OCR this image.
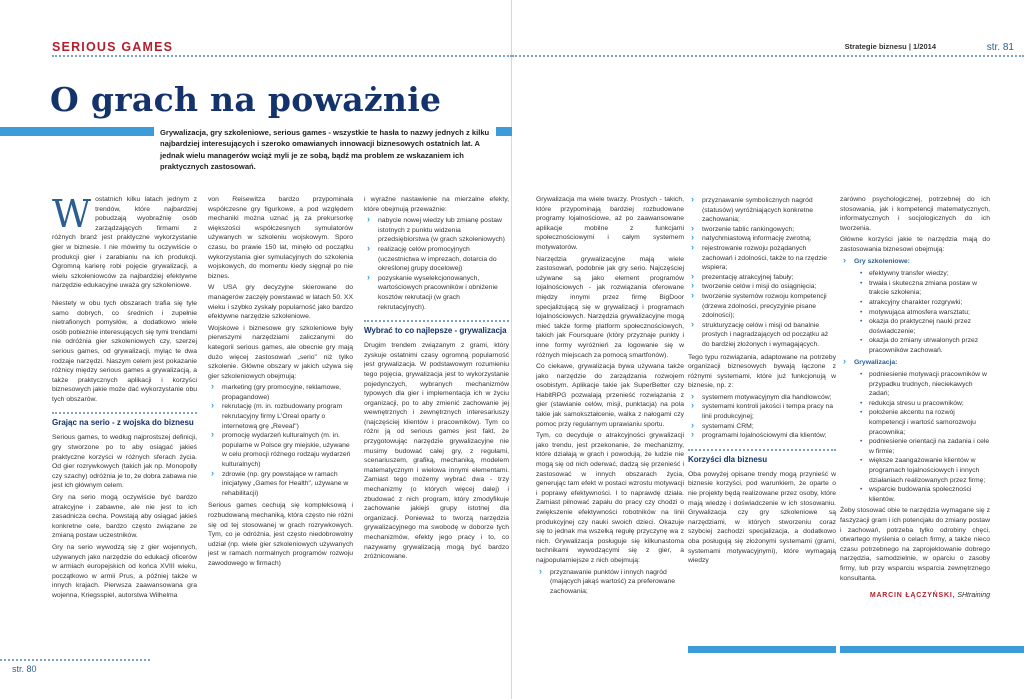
SERIOUS GAMES
O grach na poważnie
Grywalizacja, gry szkoleniowe, serious games - wszystkie te hasła to nazwy jednych z kilku najbardziej interesujących i szeroko omawianych innowacji biznesowych ostatnich lat. A jednak wielu managerów wciąż myli je ze sobą, bądź ma problem ze wskazaniem ich praktycznych zastosowań.
W ostatnich kilku latach jednym z trendów, które najbardziej pobudzają wyobraźnię osób zarządzających firmami z różnych branż jest praktyczne wykorzystanie gier w biznesie. I nie mówimy tu oczywiście o produkcji gier i zarabianiu na ich produkcji. Ogromną karierę robi pojęcie grywalizacji, a wielu szkoleniowców za najbardziej efektywne narzędzie edukacyjne uważa gry szkoleniowe.

Niestety w obu tych obszarach trafia się tyle samo dobrych, co średnich i zupełnie nietrafionych pomysłów, a dodatkowo wiele osób pobieżnie interesujących się tymi trendami nie odróżnia gier szkoleniowych czy, szerzej serious games, od grywalizacji, myląc te dwa rodzaje narzędzi. Naszym celem jest pokazanie różnicy między serious games a grywalizacją, a także praktycznych aplikacji i korzyści biznesowych jakie może dać wykorzystanie obu tych obszarów.

Grając na serio - z wojska do biznesu

Serious games, to według najprostszej definicji, gry stworzone po to aby osiągać jakieś praktyczne korzyści w różnych sferach życia. Od gier rozrywkowych (takich jak np. Monopolly czy szachy) odróżnia je to, że dobra zabawa nie jest ich głównym celem.

Gry na serio mogą oczywiście być bardzo atrakcyjne i zabawne, ale nie jest to ich zasadnicza cecha. Powstają aby osiągać jakieś konkretne cele, bardzo często związane ze zmianą postaw uczestników.

Gry na serio wywodzą się z gier wojennych, używanych jako narzędzie do edukacji oficerów w armiach europejskich od końca XVIII wieku, początkowo w armii Prus, a później także w innych krajach. Pierwsza zaawansowana gra wojenna, Kriegsspiel, autorstwa Wilhelma

von Reisewitza bardzo przypominała współczesne gry figurkowe, a pod względem mechaniki można uznać ją za prekursorkę większości współczesnych symulatorów używanych w szkoleniu wojskowym. Sporo czasu, bo prawie 150 lat, minęło od początku wykorzystania gier symulacyjnych do szkolenia wojskowych, do momentu kiedy sięgnął po nie biznes.

W USA gry decyzyjne skierowane do managerów zaczęły powstawać w latach 50. XX wieku i szybko zyskały popularność jako bardzo efektywne narzędzie szkoleniowe.

Wojskowe i biznesowe gry szkoleniowe były pierwszymi narzędziami zaliczanymi do kategorii serious games, ale obecnie gry mają dużo więcej zastosowań „serio" niż tylko szkolenie. Główne obszary w jakich używa się gier szkoleniowych obejmują:

› marketing (gry promocyjne, reklamowe, propagandowe)
› rekrutację (m. in. rozbudowany program rekrutacyjny firmy L'Oreal oparty o internetową grę „Reveal")
› promocję wydarzeń kulturalnych (m. in. popularne w Polsce gry miejskie, używane w celu promocji różnego rodzaju wydarzeń kulturalnych)
› zdrowie (np. gry powstające w ramach inicjatywy „Games for Health", używane w rehabilitacji)

Serious games cechują się kompleksową i rozbudowaną mechaniką, która często nie różni się od tej stosowanej w grach rozrywkowych. Tym, co je odróżnia, jest często niedobrowolny udział (np. wiele gier szkoleniowych używanych jest w ramach normalnych programów rozwoju zawodowego w firmach)

i wyraźne nastawienie na mierzalne efekty, które obejmują przeważnie:

› nabycie nowej wiedzy lub zmianę postaw istotnych z punktu widzenia przedsiębiorstwa (w grach szkoleniowych)
› realizację celów promocyjnych (uczestnictwa w imprezach, dotarcia do określonej grupy docelowej)
› pozyskanie wyselekcjonowanych, wartościowych pracowników i obniżenie kosztów rekrutacji (w grach rekrutacyjnych).
Wybrać to co najlepsze - grywalizacja

Drugim trendem związanym z grami, który zyskuje ostatnimi czasy ogromną popularność jest grywalizacja. W podstawowym rozumieniu tego pojęcia, grywalizacja jest to wykorzystanie pojedynczych, wybranych mechanizmów typowych dla gier i implementacja ich w życiu organizacji, po to aby zmienić zachowanie jej wewnętrznych i zewnętrznych interesariuszy (najczęściej klientów i pracowników). Tym co różni ją od serious games jest fakt, że przygotowując narzędzie grywalizacyjne nie musimy budować całej gry, z regułami, scenariuszem, grafiką, mechaniką, modelem matematycznym i wielowa innymi elementami. Zamiast tego możemy wybrać dwa - trzy mechanizmy (o których więcej dalej) i zbudować z nich program, który zmodyfikuje zachowanie jakiejś grupy istotnej dla organizacji. Ponieważ to tworzą narzędzia grywalizacyjnego ma swobodę w doborze tych mechanizmów, efekty jego pracy i to, co nazywamy grywalizacją mogą być bardzo zróżnicowane.

str. 80
Strategie biznesu | 1/2014	str. 81

Grywalizacja ma wiele twarzy. Prostych - takich, które przypominają bardziej rozbudowane programy lojalnościowe, aż po zaawansowane aplikacje mobilne z funkcjami społecznościowymi i całym systemem motywatorów.

Narzędzia grywalizacyjne mają wiele zastosowań, podobnie jak gry serio. Najczęściej używane są jako element programów lojalnościowych - jak rozwiązania oferowane między innymi przez firmę BigDoor specjalizującą się w grywalizacji i programach lojalnościowych. Narzędzia grywalizacyjne mogą mieć także formę platform społecznościowych, takich jak Foursquare (który przyznaje punkty i inne formy wyróżnień za logowanie się w różnych miejscach za pomocą smartfonów).

Co ciekawe, grywalizacja bywa używana także jako narzędzie do zarządzania rozwojem osobistym. Aplikacje takie jak SuperBetter czy HabitRPG pozwalają przenieść rozwiązania z gier (stawianie celów, misji, punktacja) na pola takie jak samokształcenie, walka z nałogami czy pomoc przy regularnym uprawianiu sportu.

Tym, co decyduje o atrakcyjności grywalizacji jako trendu, jest przekonanie, że mechanizmy, które działają w grach i powodują, że ludzie nie mogą się od nich oderwać, dadzą się przenieść i zastosować w innych obszarach życia, generując tam efekt w postaci wzrostu motywacji i poprawy efektywności. I to naprawdę działa. Zamiast pilnować zapału do pracy czy chodzi o zwiększenie efektywności robotników na linii produkcyjnej czy nauki swoich dzieci. Okazuje się to jednak ma wszelką regułę przyczynę wa z nich. Grywalizacja posługuje się kilkunastoma technikami wywodzącymi się z gier, a najpopularniejsze z nich obejmują:

› przyznawanie punktów i innych nagród (mających jakąś wartość) za preferowane zachowania;
› przyznawanie symbolicznych nagród (statusów) wyróżniających konkretne zachowania;
› tworzenie tablic rankingowych;
› natychmiastową informację zwrotną;
› rejestrowanie rozwoju pożądanych zachowań i zdolności, także to na rzędzie wspiera;
› prezentację atrakcyjnej fabuły;
› tworzenie celów i misji do osiągnięcia;
› tworzenie systemów rozwoju kompetencji (drzewa zdolności, precyzyjnie pisane zdolności);
› strukturyzację celów i misji od banalnie prostych i nagradzających od początku aż do bardziej złożonych i wymagających.

Tego typu rozwiązania, adaptowane na potrzeby organizacji biznesowych bywają łączone z różnymi systemami, które już funkcjonują w biznesie, np. z:

› systemem motywacyjnym dla handlowców;
› systemami kontroli jakości i tempa pracy na linii produkcyjnej;
› systemami CRM;
› programami lojalnościowymi dla klientów;
Korzyści dla biznesu

Oba powyżej opisane trendy mogą przynieść w biznesie korzyści, pod warunkiem, że oparte o nie projekty będą realizowane przez osoby, które mają wiedzę i doświadczenie w ich stosowaniu. Grywalizacja czy gry szkoleniowe są narzędziami, w których stworzeniu coraz szybciej zachodzi specjalizacja, a dodatkowo oba posługują się złożonymi systemami (grami, systemami motywacyjnymi), które wymagają wiedzy

zarówno psychologicznej, potrzebnej do ich stosowania, jak i kompetencji matematycznych, informatycznych i socjologicznych do ich tworzenia.

Główne korzyści jakie te narzędzia mają do zastosowania biznesowi obejmują:

› Gry szkoleniowe:
• efektywny transfer wiedzy;
• trwała i skuteczna zmiana postaw w trakcie szkolenia;
• atrakcyjny charakter rozgrywki;
• motywująca atmosfera warsztatu;
• okazja do praktycznej nauki przez doświadczenie;
• okazja do zmiany utrwalonych przez pracowników zachowań.
› Grywalizacja:
• podniesienie motywacji pracowników w przypadku trudnych, nieciekawych zadań;
• redukcja stresu u pracowników;
• położenie akcentu na rozwój kompetencji i wartość samorozwoju pracownika;
• podniesienie orientacji na zadania i cele w firmie;
• większe zaangażowanie klientów w programach lojalnościowych i innych działaniach realizowanych przez firmę;
• wsparcie budowania społeczności klientów.

Żeby stosować obie te narzędzia wymagane się z faszyzacji gram i ich potencjału do zmiany postaw i zachowań, potrzeba tylko odrobiny chęci, otwartego myślenia o celach firmy, a także nieco czasu potrzebnego na zaprojektowanie dobrego narzędzia, samodzielnie, w oparciu o zasoby firmy, lub przy wsparciu wsparcia zewnętrznego konsultanta.

MARCIN ŁĄCZYŃSKI, SHtraining
